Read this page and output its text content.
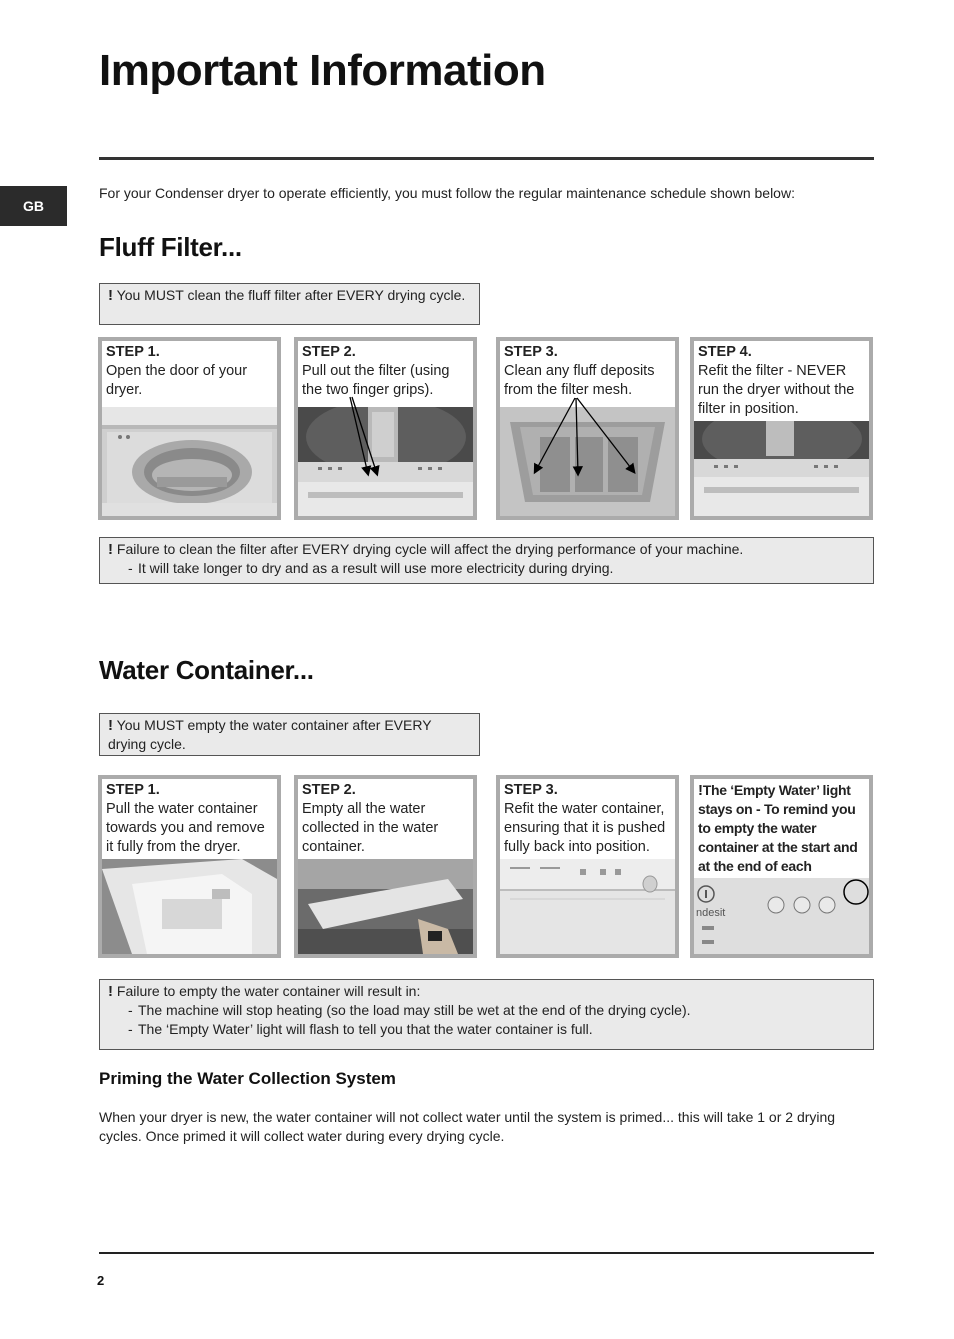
Important Information
GB
For your Condenser dryer to operate efficiently, you must follow the regular maintenance schedule shown below:
Fluff Filter...
! You MUST clean the fluff filter after EVERY drying cycle.
STEP 1.
Open the door of your dryer.
STEP 2.
Pull out the filter (using the two finger grips).
STEP 3.
Clean any fluff deposits from the filter mesh.
STEP 4.
Refit the filter - NEVER run the dryer without the filter in position.
! Failure to clean the filter after EVERY drying cycle will affect the drying performance of your machine.
- It will take longer to dry and as a result will use more electricity during drying.
Water Container...
! You MUST empty the water container after EVERY drying cycle.
STEP 1.
Pull the water container towards you and remove it fully from the dryer.
STEP 2.
Empty all the water collected in the water container.
STEP 3.
Refit the water container, ensuring that it is pushed fully back into position.
!The ‘Empty Water’ light stays on - To remind you to empty the water container at the start and at the end of each
ndesit
! Failure to empty the water container will result in:
- The machine will stop heating (so the load may still be wet at the end of the drying cycle).
- The ‘Empty Water’ light will flash to tell you that the water container is full.
Priming the Water Collection System
When your dryer is new, the water container will not collect water until the system is primed... this will take 1 or 2 drying cycles. Once primed it will collect water during every drying cycle.
2
